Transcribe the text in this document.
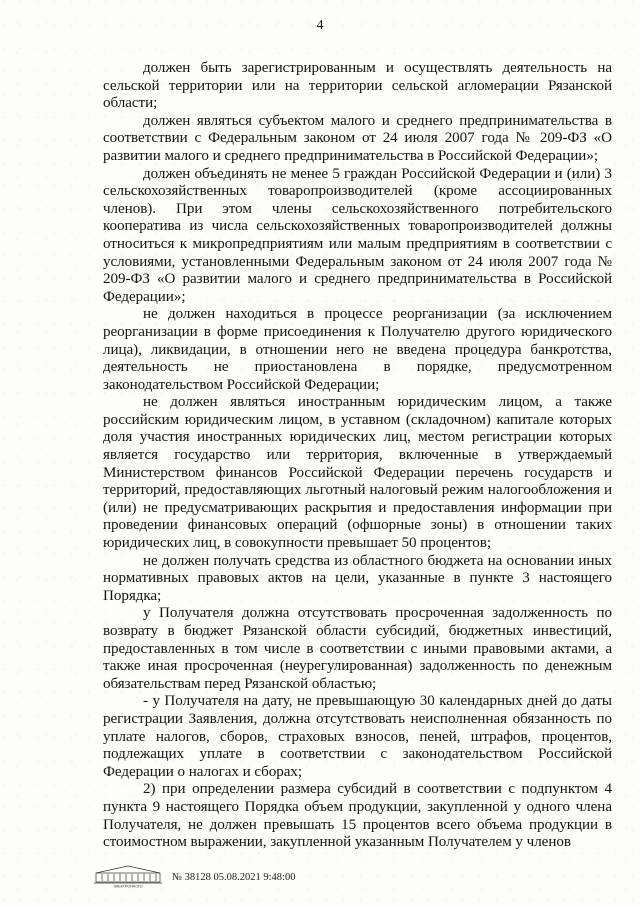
4

должен быть зарегистрированным и осуществлять деятельность на сельской территории или на территории сельской агломерации Рязанской области;

должен являться субъектом малого и среднего предпринимательства в соответствии с Федеральным законом от 24 июля 2007 года № 209-ФЗ «О развитии малого и среднего предпринимательства в Российской Федерации»;

должен объединять не менее 5 граждан Российской Федерации и (или) 3 сельскохозяйственных товаропроизводителей (кроме ассоциированных членов). При этом члены сельскохозяйственного потребительского кооператива из числа сельскохозяйственных товаропроизводителей должны относиться к микропредприятиям или малым предприятиям в соответствии с условиями, установленными Федеральным законом от 24 июля 2007 года № 209-ФЗ «О развитии малого и среднего предпринимательства в Российской Федерации»;

не должен находиться в процессе реорганизации (за исключением реорганизации в форме присоединения к Получателю другого юридического лица), ликвидации, в отношении него не введена процедура банкротства, деятельность не приостановлена в порядке, предусмотренном законодательством Российской Федерации;

не должен являться иностранным юридическим лицом, а также российским юридическим лицом, в уставном (складочном) капитале которых доля участия иностранных юридических лиц, местом регистрации которых является государство или территория, включенные в утверждаемый Министерством финансов Российской Федерации перечень государств и территорий, предоставляющих льготный налоговый режим налогообложения и (или) не предусматривающих раскрытия и предоставления информации при проведении финансовых операций (офшорные зоны) в отношении таких юридических лиц, в совокупности превышает 50 процентов;

не должен получать средства из областного бюджета на основании иных нормативных правовых актов на цели, указанные в пункте 3 настоящего Порядка;

у Получателя должна отсутствовать просроченная задолженность по возврату в бюджет Рязанской области субсидий, бюджетных инвестиций, предоставленных в том числе в соответствии с иными правовыми актами, а также иная просроченная (неурегулированная) задолженность по денежным обязательствам перед Рязанской областью;

- у Получателя на дату, не превышающую 30 календарных дней до даты регистрации Заявления, должна отсутствовать неисполненная обязанность по уплате налогов, сборов, страховых взносов, пеней, штрафов, процентов, подлежащих уплате в соответствии с законодательством Российской Федерации о налогах и сборах;

2) при определении размера субсидий в соответствии с подпунктом 4 пункта 9 настоящего Порядка объем продукции, закупленной у одного члена Получателя, не должен превышать 15 процентов всего объема продукции в стоимостном выражении, закупленной указанным Получателем у членов

ЭЛЕКТРОННОГО
№ 38128 05.08.2021 9:48:00
